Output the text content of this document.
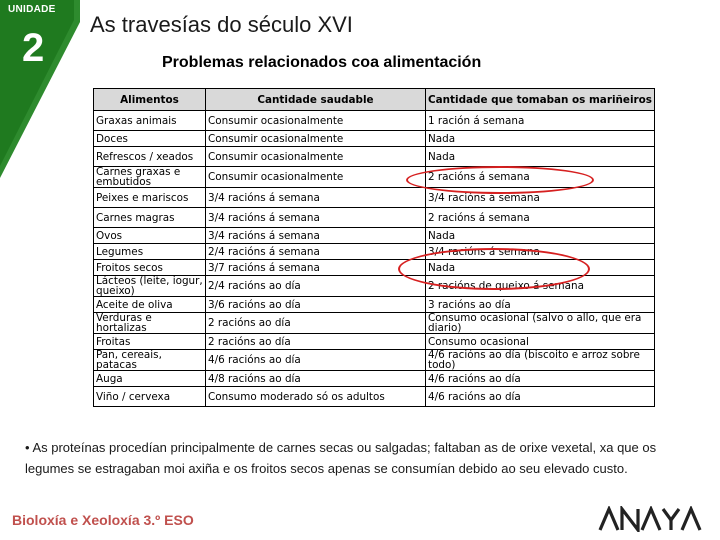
UNIDADE
2
As travesías do século XVI
Problemas relacionados coa alimentación
Alimentos	Cantidade saudable	Cantidade que tomaban os mariñeiros
Graxas animais	Consumir ocasionalmente	1 ración á semana
Doces	Consumir ocasionalmente	Nada
Refrescos / xeados	Consumir ocasionalmente	Nada
Carnes graxas e embutidos	Consumir ocasionalmente	2 racións á semana
Peixes e mariscos	3/4 racións á semana	3/4 racións á semana
Carnes magras	3/4 racións á semana	2 racións á semana
Ovos	3/4 racións á semana	Nada
Legumes	2/4 racións á semana	3/4 racións á semana
Froitos secos	3/7 racións á semana	Nada
Lácteos (leite, iogur, queixo)	2/4 racións ao día	2 racións de queixo á semana
Aceite de oliva	3/6 racións ao día	3 racións ao día
Verduras e hortalizas	2 racións ao día	Consumo ocasional (salvo o allo, que era diario)
Froitas	2 racións ao día	Consumo ocasional
Pan, cereais, patacas	4/6 racións ao día	4/6 racións ao día (biscoito e arroz sobre todo)
Auga	4/8 racións ao día	4/6 racións ao día
Viño / cervexa	Consumo moderado só os adultos	4/6 racións ao día

• As proteínas procedían principalmente de carnes secas ou salgadas; faltaban as de orixe vexetal, xa que os legumes se estragaban moi axiña e os froitos secos apenas se consumían debido ao seu elevado custo.

Bioloxía e Xeoloxía 3.º ESO
